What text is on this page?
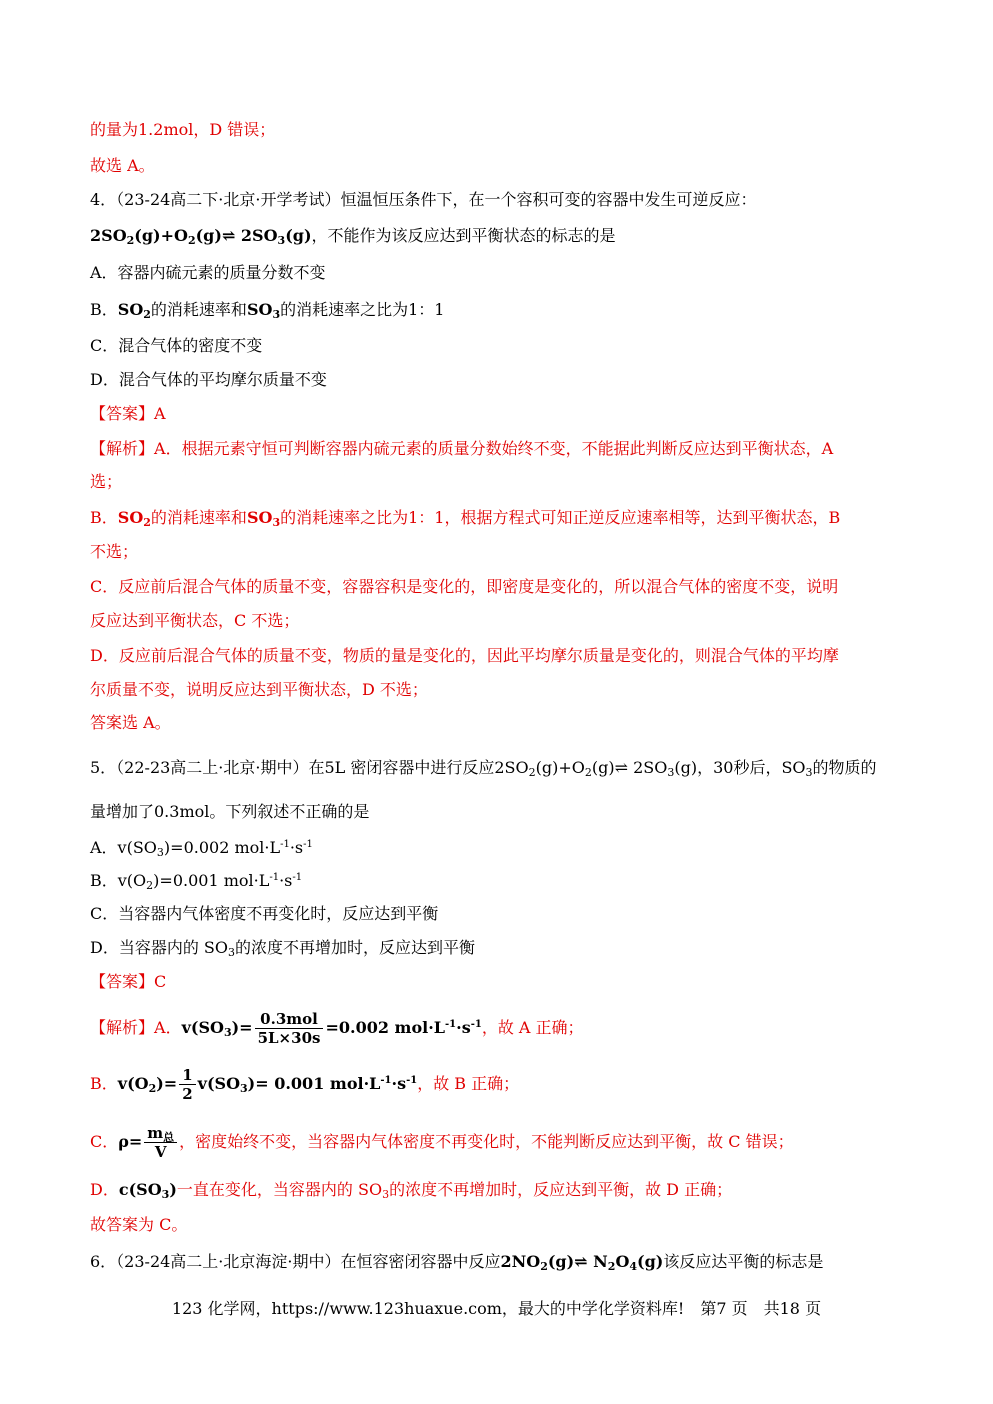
的量为1.2mol，D 错误；
故选 A。
4．（23-24高二下·北京·开学考试）恒温恒压条件下，在一个容积可变的容器中发生可逆反应：
$2SO_2(g)+O_2(g)\rightleftharpoons$ $2SO_3(g)$，不能作为该反应达到平衡状态的标志的是
A．容器内硫元素的质量分数不变
B．$SO_2$的消耗速率和$SO_3$的消耗速率之比为1：1
C．混合气体的密度不变
D．混合气体的平均摩尔质量不变
【答案】A
【解析】A．根据元素守恒可判断容器内硫元素的质量分数始终不变，不能据此判断反应达到平衡状态，A
选；
B．$SO_2$的消耗速率和$SO_3$的消耗速率之比为1：1，根据方程式可知正逆反应速率相等，达到平衡状态，B
不选；
C．反应前后混合气体的质量不变，容器容积是变化的，即密度是变化的，所以混合气体的密度不变，说明
反应达到平衡状态，C 不选；
D．反应前后混合气体的质量不变，物质的量是变化的，因此平均摩尔质量是变化的，则混合气体的平均摩
尔质量不变，说明反应达到平衡状态，D 不选；
答案选 A。
5．（22-23高二上·北京·期中）在5L 密闭容器中进行反应$2SO_2(g)+O_2(g)\rightleftharpoons$ $2SO_3(g)$，30秒后，$SO_3$的物质的
量增加了0.3mol。下列叙述不正确的是
A．$v(SO_3)=0.002$ $mol\cdot L^{-1}\cdot s^{-1}$
B．$v(O_2)=0.001$ $mol\cdot L^{-1}\cdot s^{-1}$
C．当容器内气体密度不再变化时，反应达到平衡
D．当容器内的 $SO_3$的浓度不再增加时，反应达到平衡
【答案】C
【解析】A．$v(SO_3)= \frac{\text{0.3mol}}{5L\times 30s} =0.002$ $mol\cdot L^{-1}\cdot s^{-1}$，故 A 正确；
B．$v(O_2)= \frac{1}{2} v(SO_3)= 0.001$ $mol\cdot L^{-1}\cdot s^{-1}$，故 B 正确；
C．$\rho= \frac{m_总}{V}$ ，密度始终不变，当容器内气体密度不再变化时，不能判断反应达到平衡，故 C 错误；
D．$c(SO_3)$一直在变化，当容器内的 $SO_3$的浓度不再增加时，反应达到平衡，故 D 正确；
故答案为 C。
6．（23-24高二上·北京海淀·期中）在恒容密闭容器中反应$2NO_2(g)\rightleftharpoons$ $N_2O_4(g)$该反应达平衡的标志是
123 化学网，https://www.123huaxue.com，最大的中学化学资料库!　第7 页　共18 页
